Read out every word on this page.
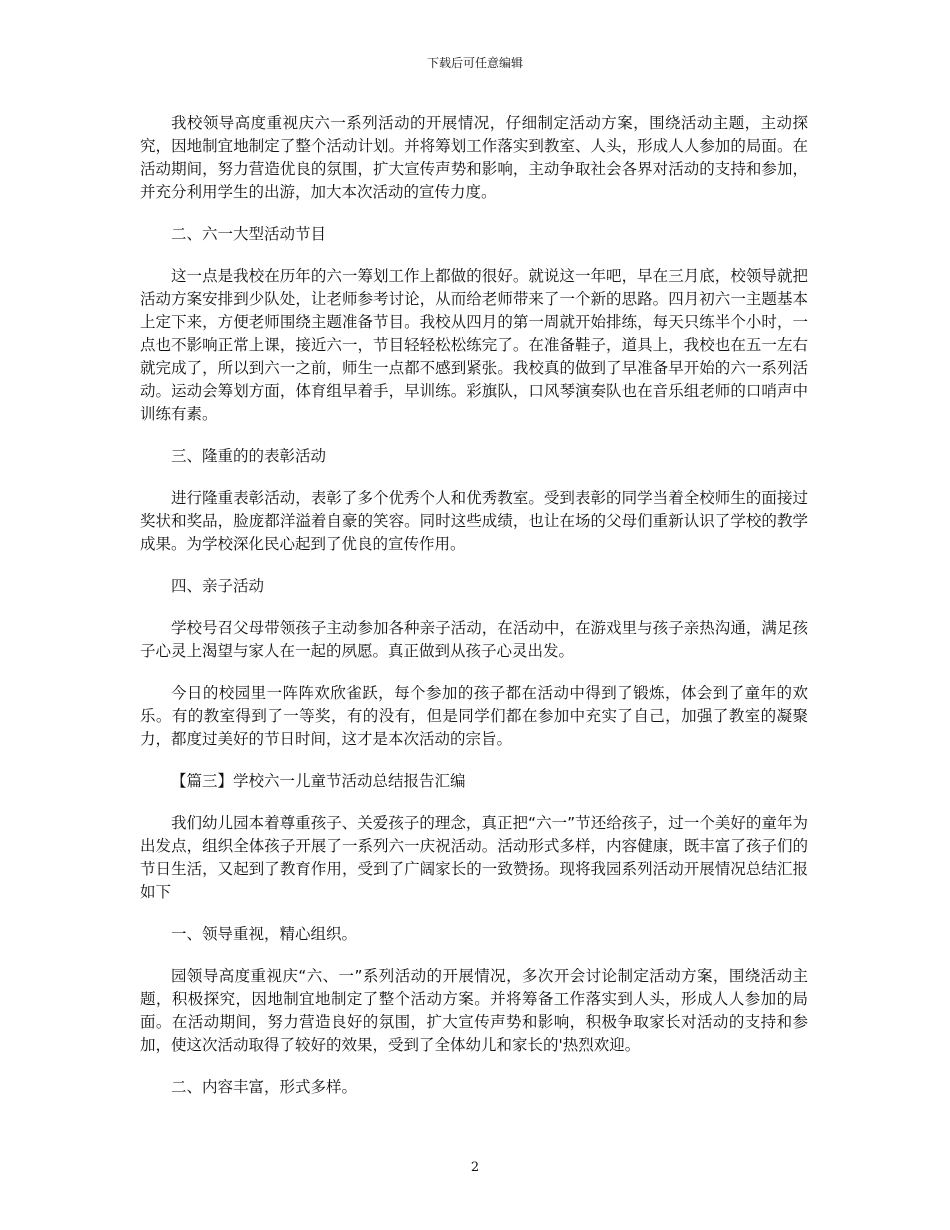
下载后可任意编辑

我校领导高度重视庆六一系列活动的开展情况，仔细制定活动方案，围绕活动主题，主动探究，因地制宜地制定了整个活动计划。并将筹划工作落实到教室、人头，形成人人参加的局面。在活动期间，努力营造优良的氛围，扩大宣传声势和影响，主动争取社会各界对活动的支持和参加，并充分利用学生的出游，加大本次活动的宣传力度。

二、六一大型活动节目

这一点是我校在历年的六一筹划工作上都做的很好。就说这一年吧，早在三月底，校领导就把活动方案安排到少队处，让老师参考讨论，从而给老师带来了一个新的思路。四月初六一主题基本上定下来，方便老师围绕主题准备节目。我校从四月的第一周就开始排练，每天只练半个小时，一点也不影响正常上课，接近六一，节目轻轻松松练完了。在准备鞋子，道具上，我校也在五一左右就完成了，所以到六一之前，师生一点都不感到紧张。我校真的做到了早准备早开始的六一系列活动。运动会筹划方面，体育组早着手，早训练。彩旗队，口风琴演奏队也在音乐组老师的口哨声中训练有素。

三、隆重的的表彰活动

进行隆重表彰活动，表彰了多个优秀个人和优秀教室。受到表彰的同学当着全校师生的面接过奖状和奖品，脸庞都洋溢着自豪的笑容。同时这些成绩，也让在场的父母们重新认识了学校的教学成果。为学校深化民心起到了优良的宣传作用。

四、亲子活动

学校号召父母带领孩子主动参加各种亲子活动，在活动中，在游戏里与孩子亲热沟通，满足孩子心灵上渴望与家人在一起的夙愿。真正做到从孩子心灵出发。

今日的校园里一阵阵欢欣雀跃，每个参加的孩子都在活动中得到了锻炼，体会到了童年的欢乐。有的教室得到了一等奖，有的没有，但是同学们都在参加中充实了自己，加强了教室的凝聚力，都度过美好的节日时间，这才是本次活动的宗旨。

【篇三】学校六一儿童节活动总结报告汇编

我们幼儿园本着尊重孩子、关爱孩子的理念，真正把“六一”节还给孩子，过一个美好的童年为出发点，组织全体孩子开展了一系列六一庆祝活动。活动形式多样，内容健康，既丰富了孩子们的节日生活，又起到了教育作用，受到了广阔家长的一致赞扬。现将我园系列活动开展情况总结汇报如下

一、领导重视，精心组织。

园领导高度重视庆“六、一”系列活动的开展情况，多次开会讨论制定活动方案，围绕活动主题，积极探究，因地制宜地制定了整个活动方案。并将筹备工作落实到人头，形成人人参加的局面。在活动期间，努力营造良好的氛围，扩大宣传声势和影响，积极争取家长对活动的支持和参加，使这次活动取得了较好的效果，受到了全体幼儿和家长的'热烈欢迎。

二、内容丰富，形式多样。

2
